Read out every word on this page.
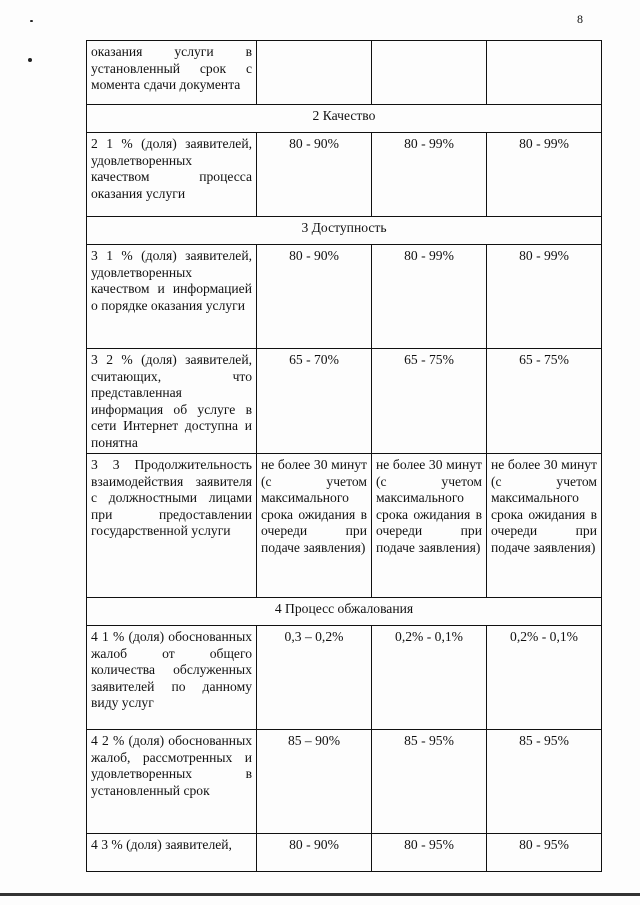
8
оказания услуги в установленный срок с момента сдачи документа			
2 Качество			
2 1 % (доля) заявителей, удовлетворенных качеством процесса оказания услуги	80 - 90%	80 - 99%	80 - 99%
3 Доступность			
3 1 % (доля) заявителей, удовлетворенных качеством и информацией о порядке оказания услуги	80 - 90%	80 - 99%	80 - 99%
3 2 % (доля) заявителей, считающих, что представленная информация об услуге в сети Интернет доступна и понятна	65 - 70%	65 - 75%	65 - 75%
3 3 Продолжительность взаимодействия заявителя с должностными лицами при предоставлении государственной услуги	не более 30 минут (с учетом максимального срока ожидания в очереди при подаче заявления)	не более 30 минут (с учетом максимального срока ожидания в очереди при подаче заявления)	не более 30 минут (с учетом максимального срока ожидания в очереди при подаче заявления)
4 Процесс обжалования			
4 1 % (доля) обоснованных жалоб от общего количества обслуженных заявителей по данному виду услуг	0,3 – 0,2%	0,2% - 0,1%	0,2% - 0,1%
4 2 % (доля) обоснованных жалоб, рассмотренных и удовлетворенных в установленный срок	85 – 90%	85 - 95%	85 - 95%
4 3 % (доля) заявителей,	80 - 90%	80 - 95%	80 - 95%
